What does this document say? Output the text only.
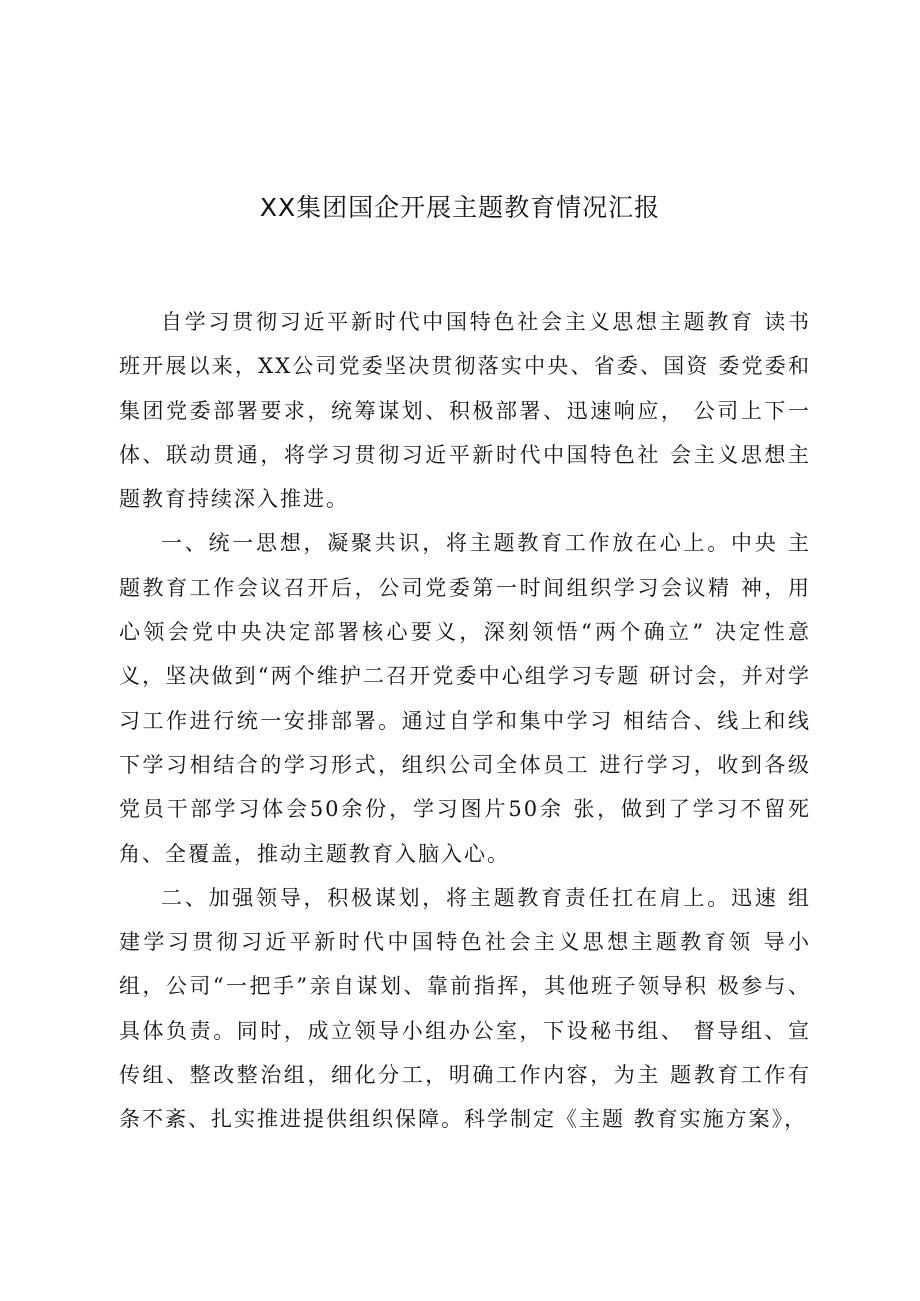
XX集团国企开展主题教育情况汇报

自学习贯彻习近平新时代中国特色社会主义思想主题教育 读书班开展以来，XX公司党委坚决贯彻落实中央、省委、国资 委党委和集团党委部署要求，统筹谋划、积极部署、迅速响应， 公司上下一体、联动贯通，将学习贯彻习近平新时代中国特色社 会主义思想主题教育持续深入推进。

一、统一思想，凝聚共识，将主题教育工作放在心上。中央 主题教育工作会议召开后，公司党委第一时间组织学习会议精 神，用心领会党中央决定部署核心要义，深刻领悟“两个确立” 决定性意义，坚决做到“两个维护二召开党委中心组学习专题 研讨会，并对学习工作进行统一安排部署。通过自学和集中学习 相结合、线上和线下学习相结合的学习形式，组织公司全体员工 进行学习，收到各级党员干部学习体会50余份，学习图片50余 张，做到了学习不留死角、全覆盖，推动主题教育入脑入心。

二、加强领导，积极谋划，将主题教育责任扛在肩上。迅速 组建学习贯彻习近平新时代中国特色社会主义思想主题教育领 导小组，公司“一把手”亲自谋划、靠前指挥，其他班子领导积 极参与、具体负责。同时，成立领导小组办公室，下设秘书组、 督导组、宣传组、整改整治组，细化分工，明确工作内容，为主 题教育工作有条不紊、扎实推进提供组织保障。科学制定《主题 教育实施方案》，
